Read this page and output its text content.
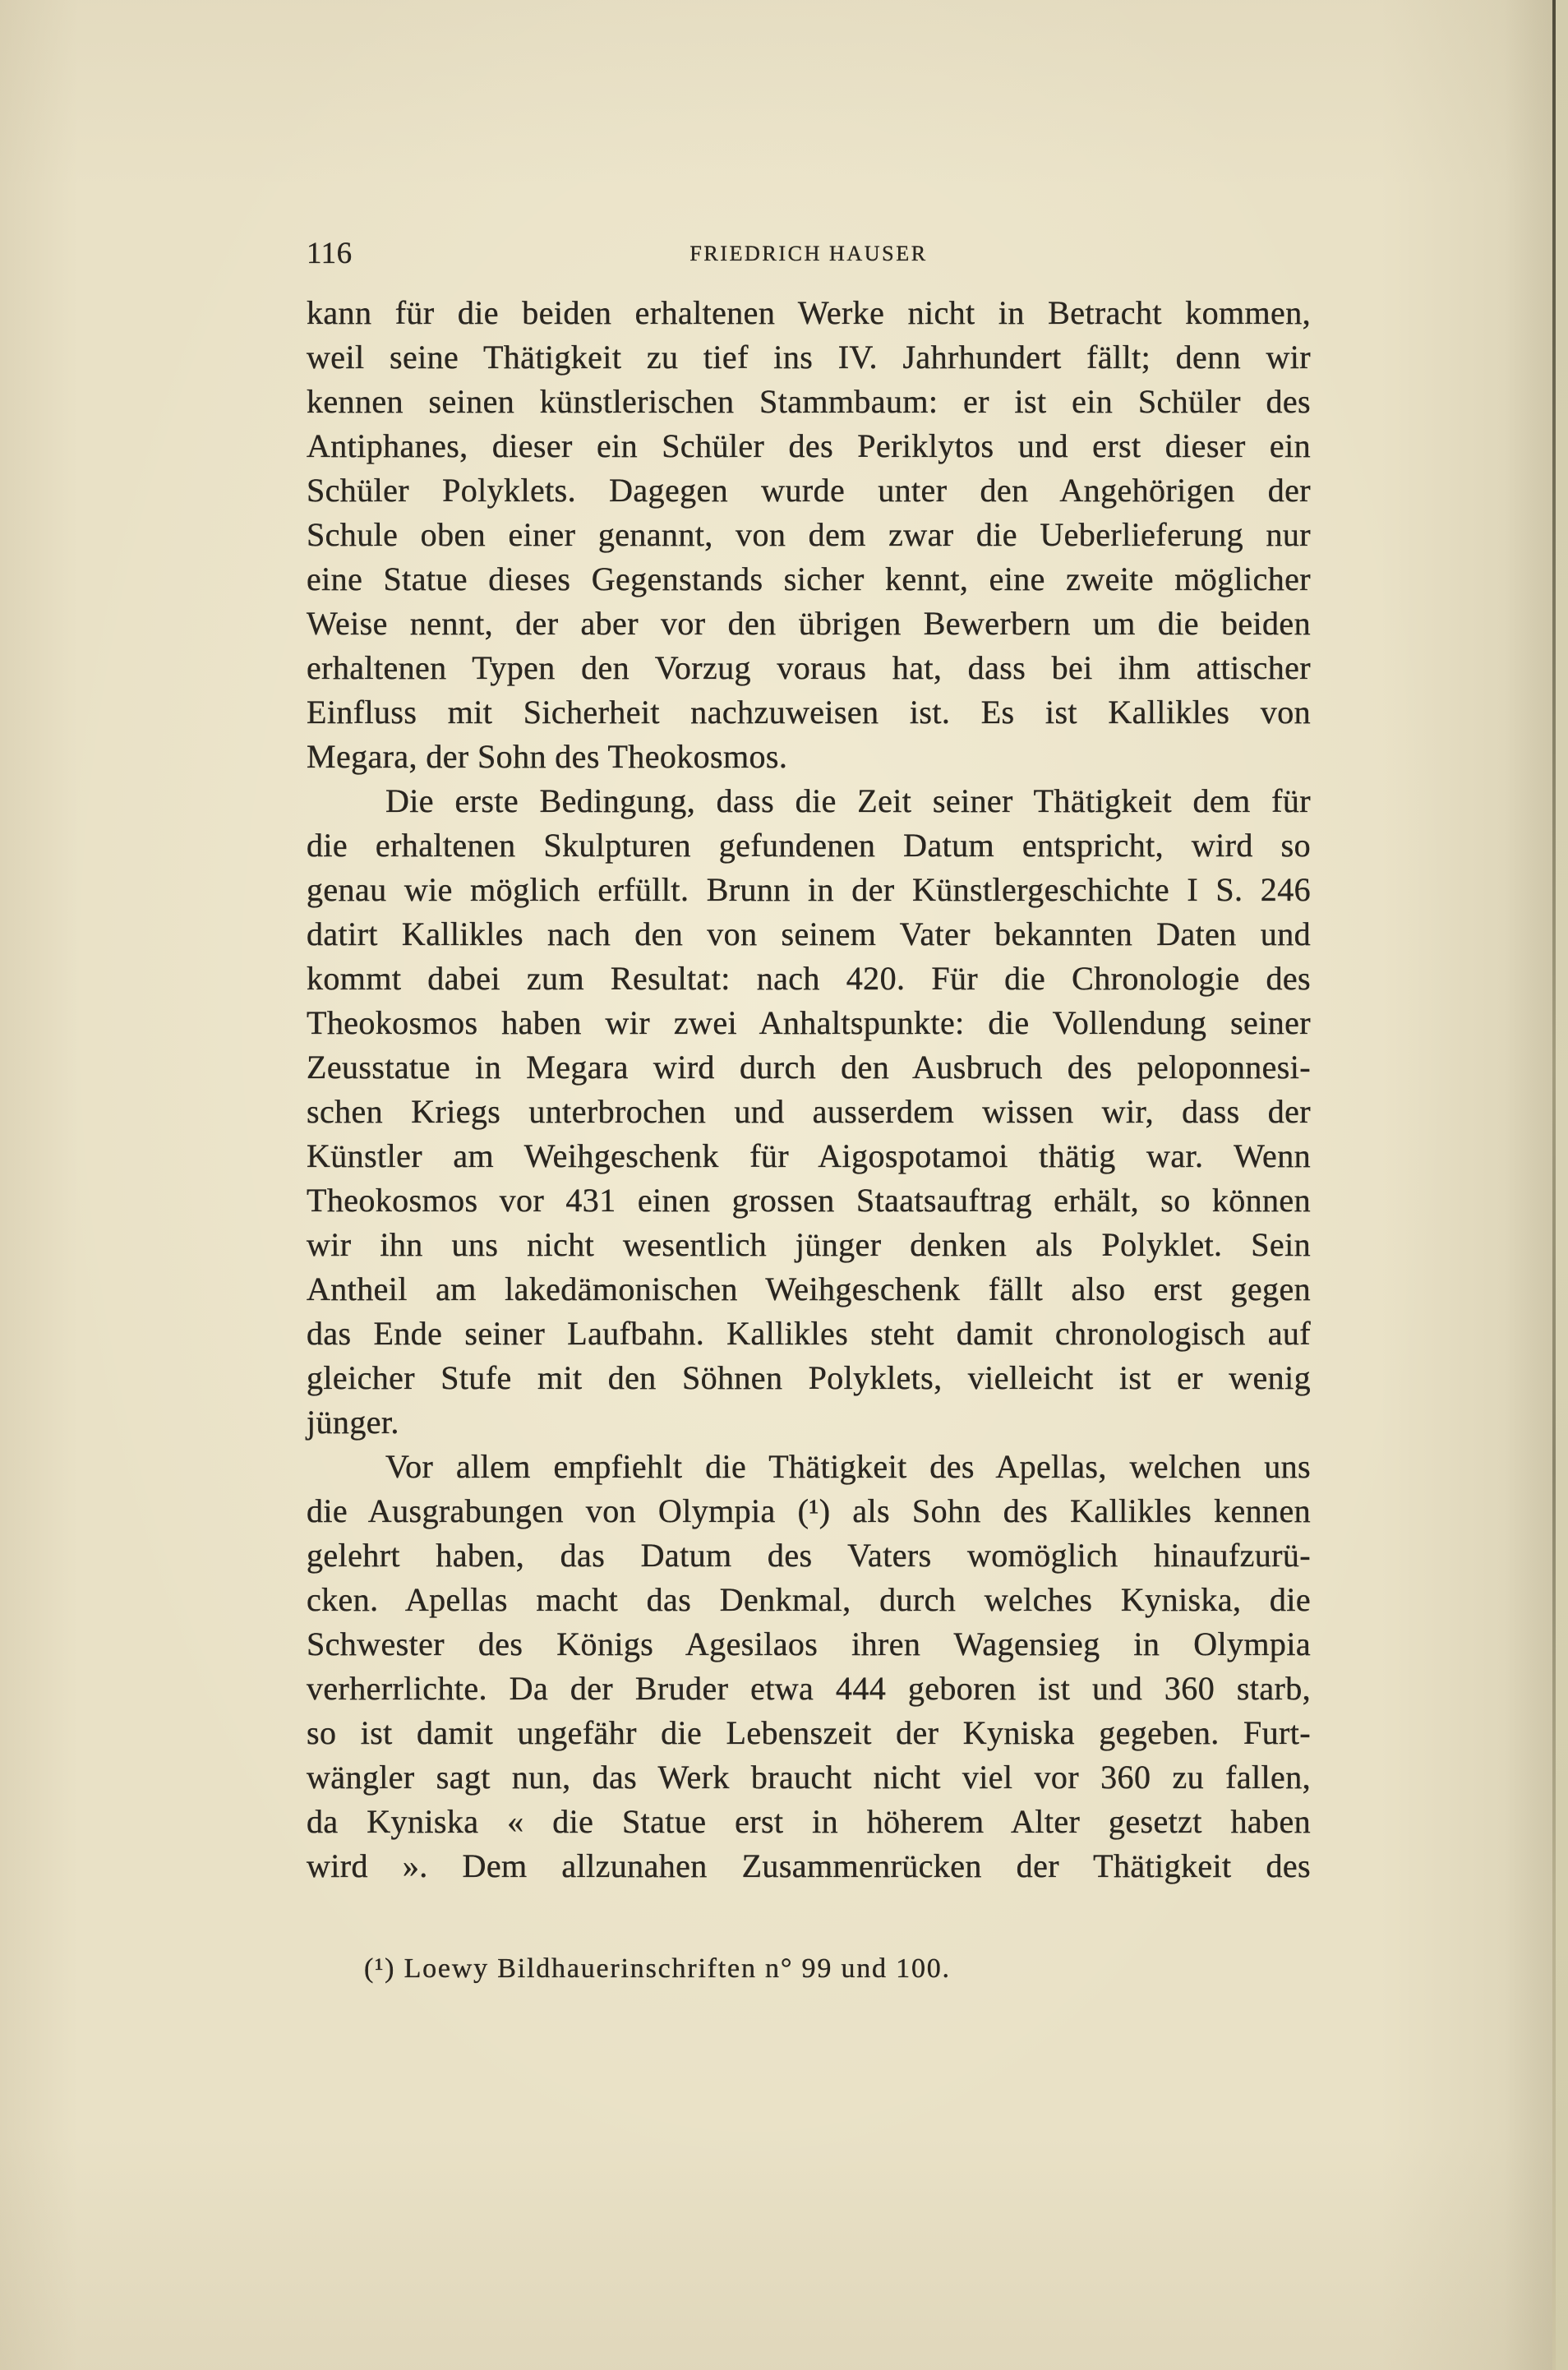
116	FRIEDRICH HAUSER
kann für die beiden erhaltenen Werke nicht in Betracht kommen,
weil seine Thätigkeit zu tief ins IV. Jahrhundert fällt; denn wir
kennen seinen künstlerischen Stammbaum: er ist ein Schüler des
Antiphanes, dieser ein Schüler des Periklytos und erst dieser ein
Schüler Polyklets. Dagegen wurde unter den Angehörigen der
Schule oben einer genannt, von dem zwar die Ueberlieferung nur
eine Statue dieses Gegenstands sicher kennt, eine zweite möglicher
Weise nennt, der aber vor den übrigen Bewerbern um die beiden
erhaltenen Typen den Vorzug voraus hat, dass bei ihm attischer
Einfluss mit Sicherheit nachzuweisen ist. Es ist Kallikles von
Megara, der Sohn des Theokosmos.
Die erste Bedingung, dass die Zeit seiner Thätigkeit dem für
die erhaltenen Skulpturen gefundenen Datum entspricht, wird so
genau wie möglich erfüllt. Brunn in der Künstlergeschichte I S. 246
datirt Kallikles nach den von seinem Vater bekannten Daten und
kommt dabei zum Resultat: nach 420. Für die Chronologie des
Theokosmos haben wir zwei Anhaltspunkte: die Vollendung seiner
Zeusstatue in Megara wird durch den Ausbruch des peloponnesi-
schen Kriegs unterbrochen und ausserdem wissen wir, dass der
Künstler am Weihgeschenk für Aigospotamoi thätig war. Wenn
Theokosmos vor 431 einen grossen Staatsauftrag erhält, so können
wir ihn uns nicht wesentlich jünger denken als Polyklet. Sein
Antheil am lakedämonischen Weihgeschenk fällt also erst gegen
das Ende seiner Laufbahn. Kallikles steht damit chronologisch auf
gleicher Stufe mit den Söhnen Polyklets, vielleicht ist er wenig
jünger.
Vor allem empfiehlt die Thätigkeit des Apellas, welchen uns
die Ausgrabungen von Olympia (¹) als Sohn des Kallikles kennen
gelehrt haben, das Datum des Vaters womöglich hinaufzurü-
cken. Apellas macht das Denkmal, durch welches Kyniska, die
Schwester des Königs Agesilaos ihren Wagensieg in Olympia
verherrlichte. Da der Bruder etwa 444 geboren ist und 360 starb,
so ist damit ungefähr die Lebenszeit der Kyniska gegeben. Furt-
wängler sagt nun, das Werk braucht nicht viel vor 360 zu fallen,
da Kyniska « die Statue erst in höherem Alter gesetzt haben
wird ». Dem allzunahen Zusammenrücken der Thätigkeit des
(¹) Loewy Bildhauerinschriften n° 99 und 100.
